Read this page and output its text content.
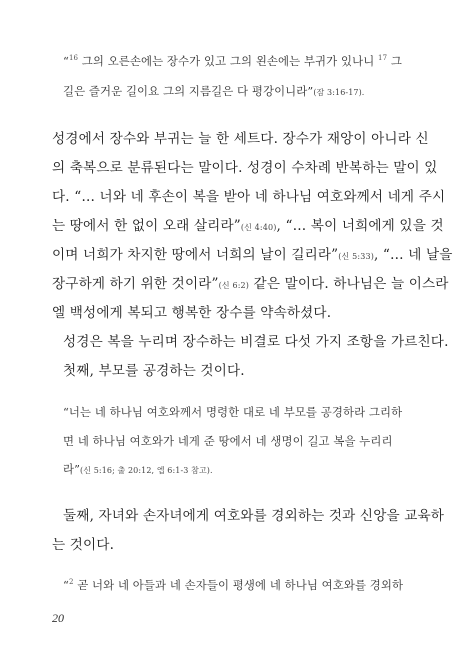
“$^{16}$ 그의 오른손에는 장수가 있고 그의 왼손에는 부귀가 있나니 $^{17}$ 그
길은 즐거운 길이요 그의 지름길은 다 평강이니라”(잠 3:16-17).
성경에서 장수와 부귀는 늘 한 세트다. 장수가 재앙이 아니라 신
의 축복으로 분류된다는 말이다. 성경이 수차례 반복하는 말이 있
다. “… 너와 네 후손이 복을 받아 네 하나님 여호와께서 네게 주시
는 땅에서 한 없이 오래 살리라”(신 4:40), “… 복이 너희에게 있을 것
이며 너희가 차지한 땅에서 너희의 날이 길리라”(신 5:33), “… 네 날을
장구하게 하기 위한 것이라”(신 6:2) 같은 말이다. 하나님은 늘 이스라
엘 백성에게 복되고 행복한 장수를 약속하셨다.
성경은 복을 누리며 장수하는 비결로 다섯 가지 조항을 가르친다.
첫째, 부모를 공경하는 것이다.
“너는 네 하나님 여호와께서 명령한 대로 네 부모를 공경하라 그리하
면 네 하나님 여호와가 네게 준 땅에서 네 생명이 길고 복을 누리리
라”(신 5:16; 출 20:12, 엡 6:1-3 참고).
둘째, 자녀와 손자녀에게 여호와를 경외하는 것과 신앙을 교육하
는 것이다.
“$^2$ 곧 너와 네 아들과 네 손자들이 평생에 네 하나님 여호와를 경외하
20
